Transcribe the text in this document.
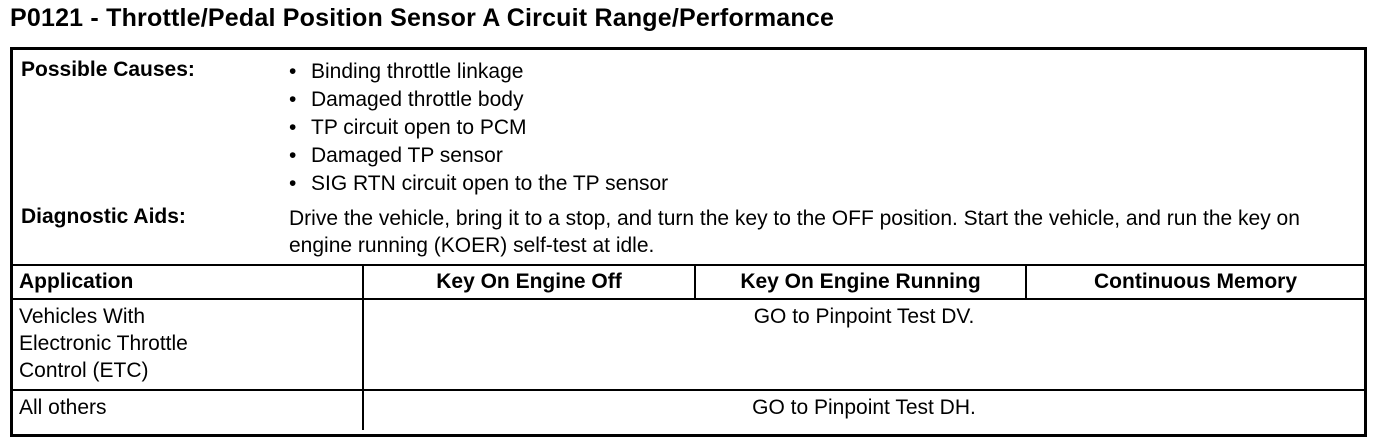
P0121 - Throttle/Pedal Position Sensor A Circuit Range/Performance
Possible Causes:	• Binding throttle linkage
• Damaged throttle body
• TP circuit open to PCM
• Damaged TP sensor
• SIG RTN circuit open to the TP sensor
Diagnostic Aids:	Drive the vehicle, bring it to a stop, and turn the key to the OFF position. Start the vehicle, and run the key on engine running (KOER) self-test at idle.
Application	Key On Engine Off	Key On Engine Running	Continuous Memory

Vehicles With Electronic Throttle Control (ETC)	GO to Pinpoint Test DV.		
All others	GO to Pinpoint Test DH.		
